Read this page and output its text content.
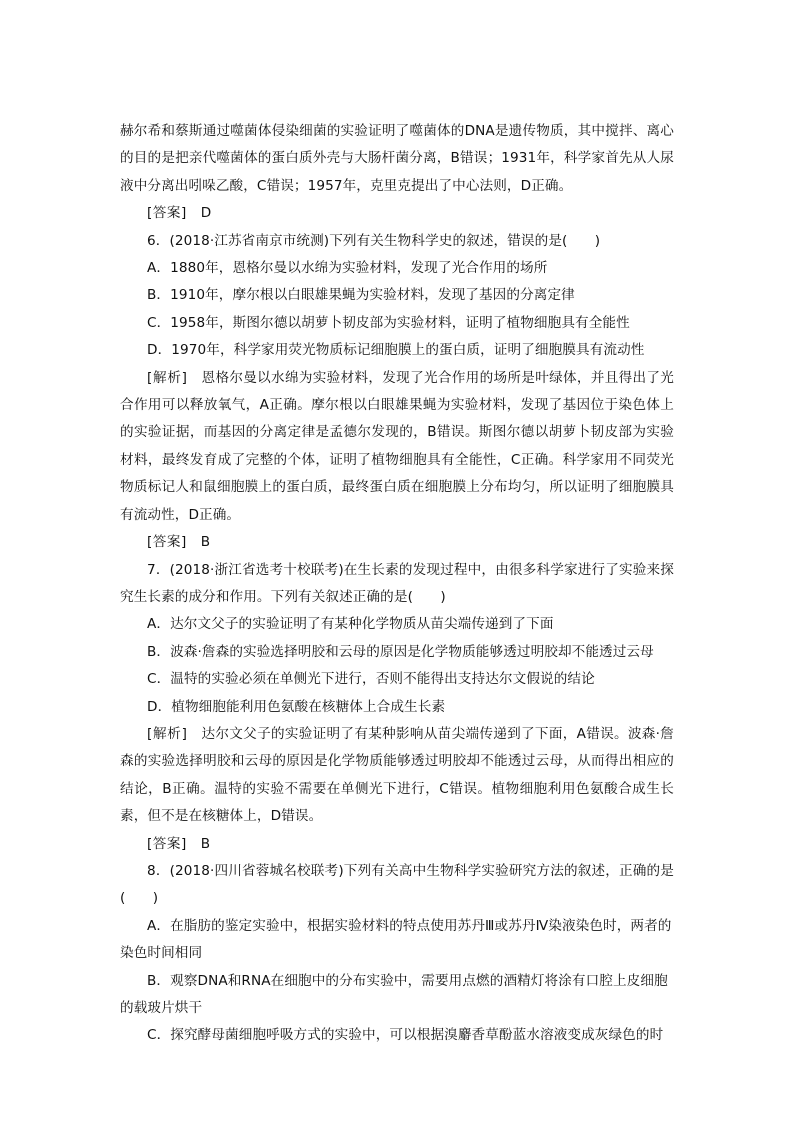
赫尔希和蔡斯通过噬菌体侵染细菌的实验证明了噬菌体的DNA是遗传物质，其中搅拌、离心的目的是把亲代噬菌体的蛋白质外壳与大肠杆菌分离，B错误；1931年，科学家首先从人尿液中分离出吲哚乙酸，C错误；1957年，克里克提出了中心法则，D正确。

[答案] D

6．(2018·江苏省南京市统测)下列有关生物科学史的叙述，错误的是(　　)

A．1880年，恩格尔曼以水绵为实验材料，发现了光合作用的场所

B．1910年，摩尔根以白眼雄果蝇为实验材料，发现了基因的分离定律

C．1958年，斯图尔德以胡萝卜韧皮部为实验材料，证明了植物细胞具有全能性

D．1970年，科学家用荧光物质标记细胞膜上的蛋白质，证明了细胞膜具有流动性

[解析]　 恩格尔曼以水绵为实验材料，发现了光合作用的场所是叶绿体，并且得出了光合作用可以释放氧气，A正确。摩尔根以白眼雄果蝇为实验材料，发现了基因位于染色体上的实验证据，而基因的分离定律是孟德尔发现的，B错误。斯图尔德以胡萝卜韧皮部为实验材料，最终发育成了完整的个体，证明了植物细胞具有全能性，C正确。科学家用不同荧光物质标记人和鼠细胞膜上的蛋白质，最终蛋白质在细胞膜上分布均匀，所以证明了细胞膜具有流动性，D正确。

[答案] B

7．(2018·浙江省选考十校联考)在生长素的发现过程中，由很多科学家进行了实验来探究生长素的成分和作用。下列有关叙述正确的是(　　)

A．达尔文父子的实验证明了有某种化学物质从苗尖端传递到了下面

B．波森·詹森的实验选择明胶和云母的原因是化学物质能够透过明胶却不能透过云母

C．温特的实验必须在单侧光下进行，否则不能得出支持达尔文假说的结论

D．植物细胞能利用色氨酸在核糖体上合成生长素

[解析]　 达尔文父子的实验证明了有某种影响从苗尖端传递到了下面，A错误。波森·詹森的实验选择明胶和云母的原因是化学物质能够透过明胶却不能透过云母，从而得出相应的结论，B正确。温特的实验不需要在单侧光下进行，C错误。植物细胞利用色氨酸合成生长素，但不是在核糖体上，D错误。

[答案] B

8．(2018·四川省蓉城名校联考)下列有关高中生物科学实验研究方法的叙述，正确的是(　　)

A．在脂肪的鉴定实验中，根据实验材料的特点使用苏丹Ⅲ或苏丹Ⅳ染液染色时，两者的染色时间相同

B．观察DNA和RNA在细胞中的分布实验中，需要用点燃的酒精灯将涂有口腔上皮细胞的载玻片烘干

C．探究酵母菌细胞呼吸方式的实验中，可以根据溴麝香草酚蓝水溶液变成灰绿色的时
